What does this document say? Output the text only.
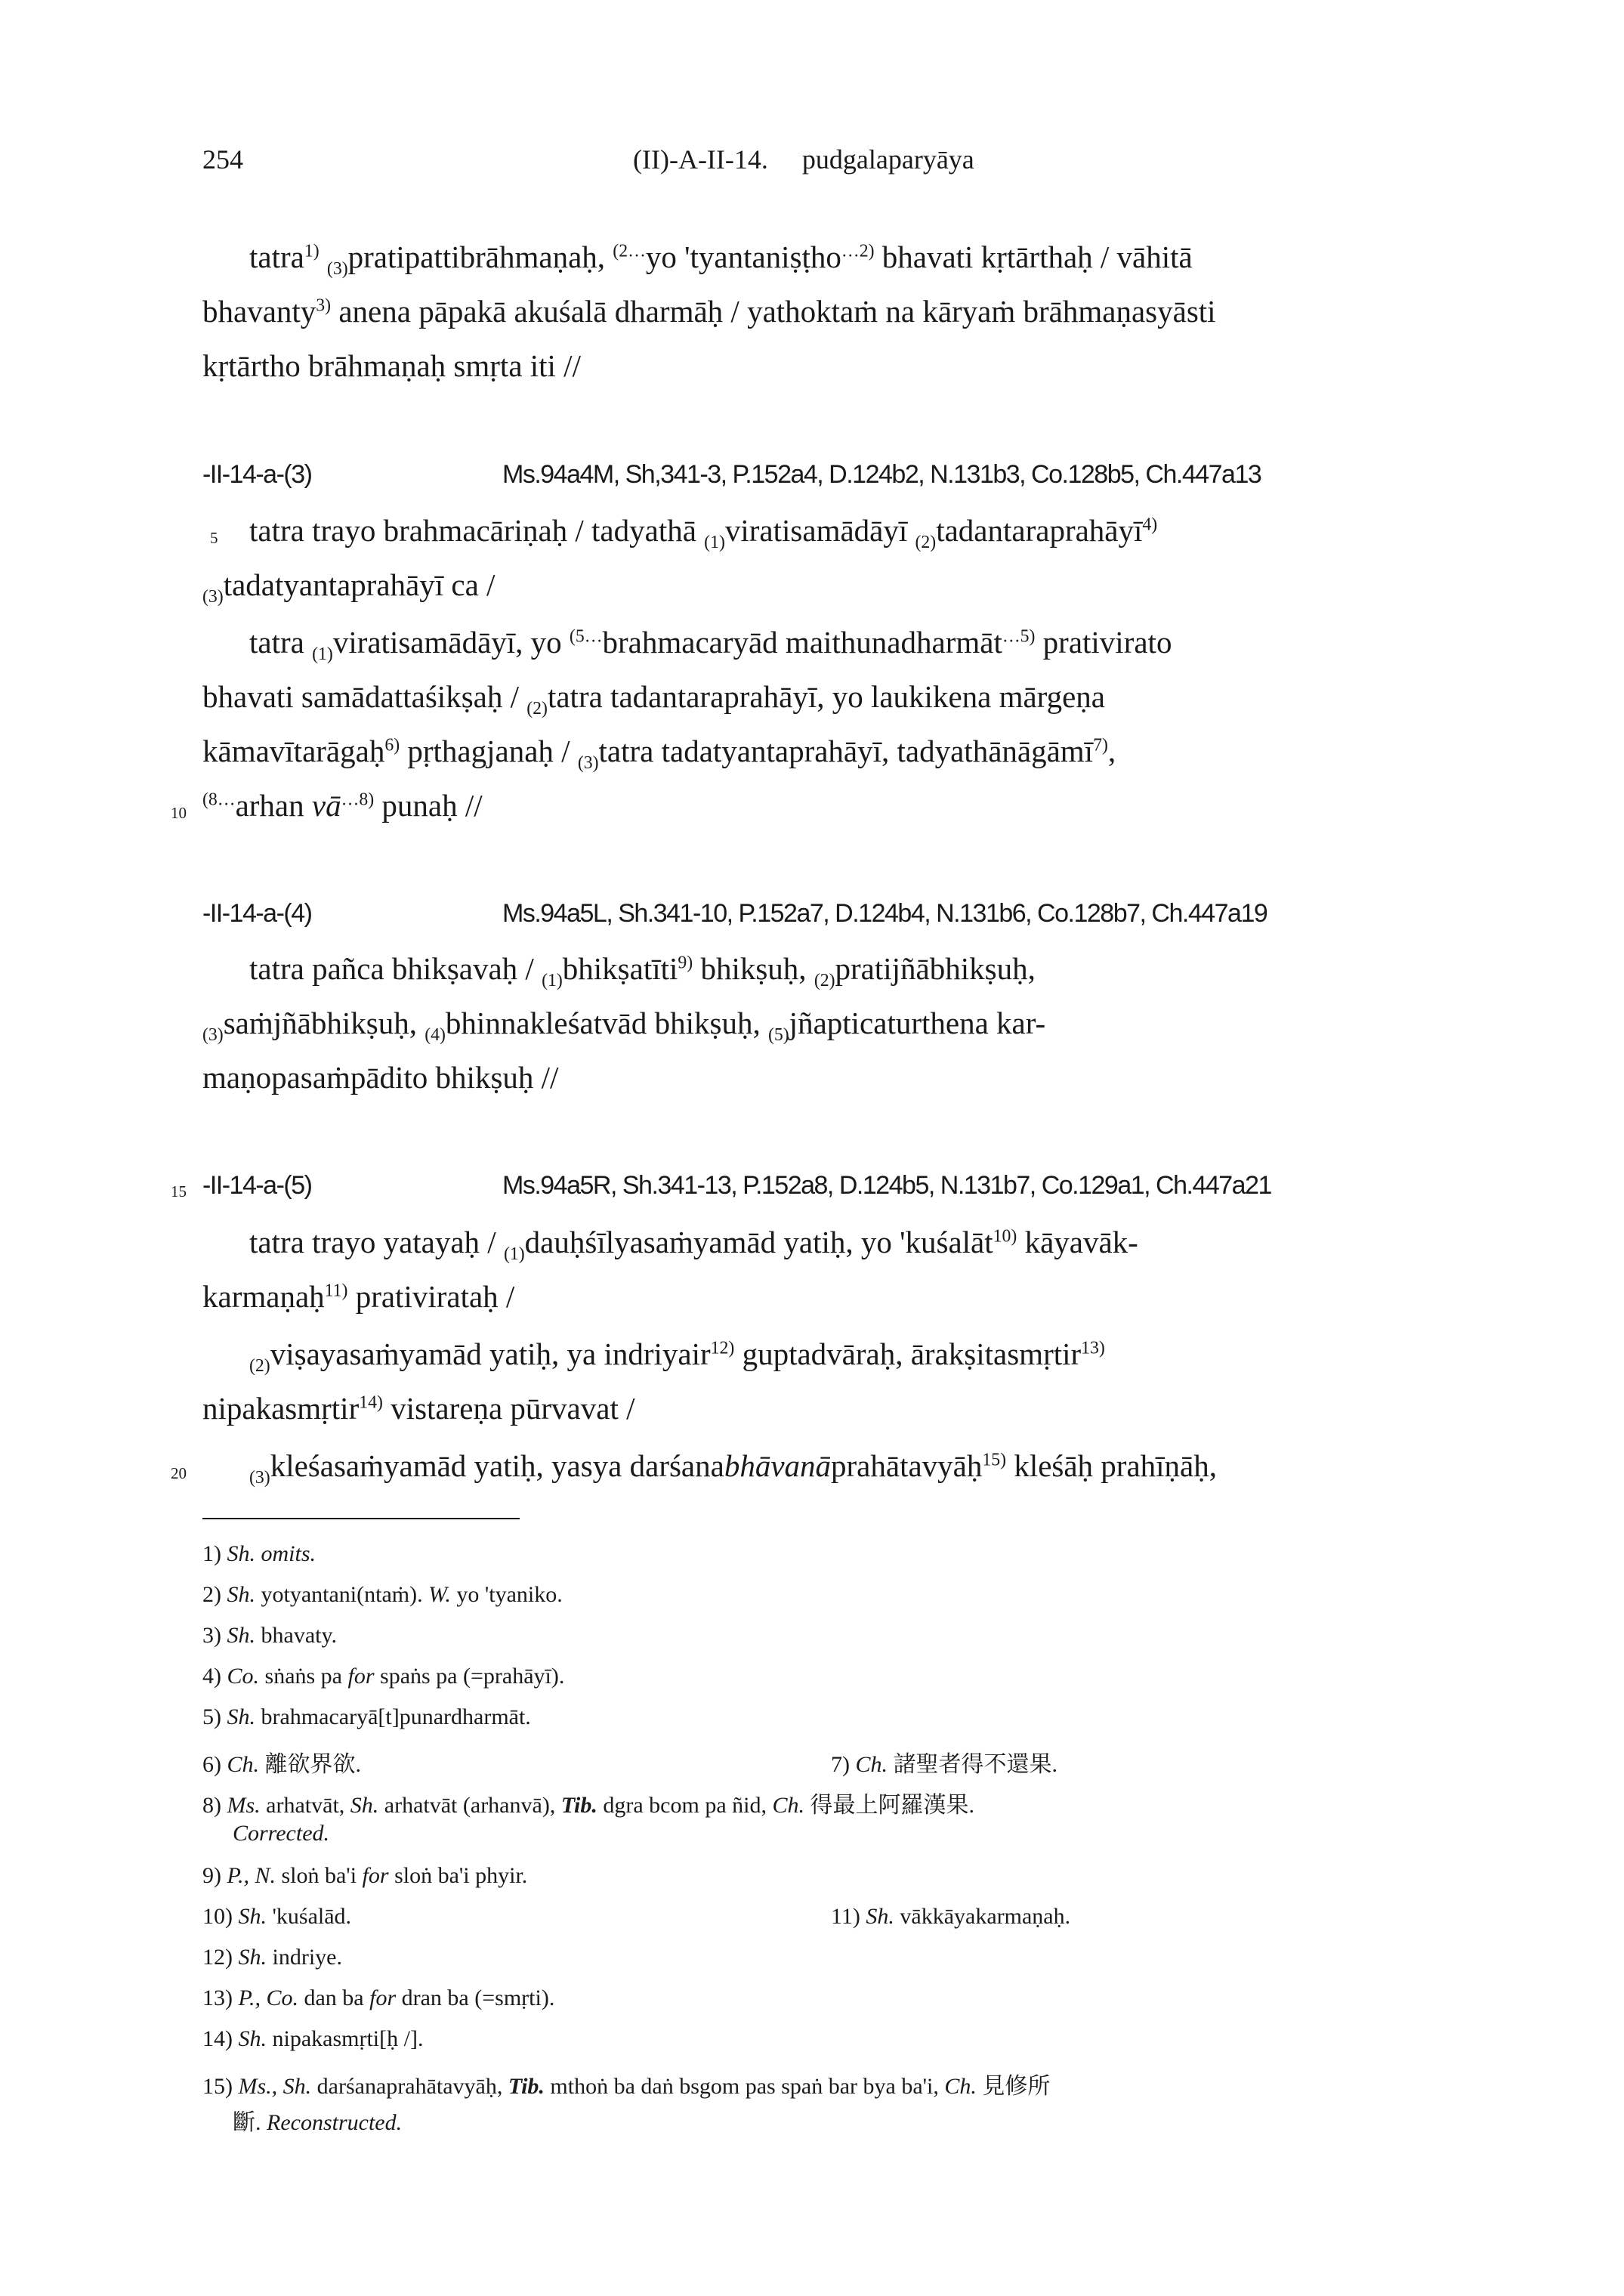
254	(II)-A-II-14.     pudgalaparyāya
tatra$^{1)}$ $_{(3)}$pratipattibrāhmaṇaḥ, $^{(2\dots}$yo 'tyantaniṣṭho$^{\dots 2)}$ bhavati kṛtārthaḥ / vāhitā
bhavanty$^{3)}$ anena pāpakā akuśalā dharmāḥ / yathoktaṁ na kāryaṁ brāhmaṇasyāsti
kṛtārtho brāhmaṇaḥ smṛta iti //
-II-14-a-(3)	Ms.94a4M, Sh,341-3, P.152a4, D.124b2, N.131b3, Co.128b5, Ch.447a13
5 tatra trayo brahmacāriṇaḥ / tadyathā $_{(1)}$viratisamādāyī $_{(2)}$tadantaraprahāyī$^{4)}$
$_{(3)}$tadatyantaprahāyī ca /
tatra $_{(1)}$viratisamādāyī, yo $^{(5\dots}$brahmacaryād maithunadharmāt$^{\dots 5)}$ prativirato
bhavati samādattaśikṣaḥ / $_{(2)}$tatra tadantaraprahāyī, yo laukikena mārgeṇa
kāmavītarāgaḥ$^{6)}$ pṛthagjanaḥ / $_{(3)}$tatra tadatyantaprahāyī, tadyathānāgāmī$^{7)}$,
10
$^{(8\dots}$arhan $vā^{\dots 8)}$ punaḥ //
-II-14-a-(4)	Ms.94a5L, Sh.341-10, P.152a7, D.124b4, N.131b6, Co.128b7, Ch.447a19
tatra pañca bhikṣavaḥ / $_{(1)}$bhikṣatīti$^{9)}$ bhikṣuḥ, $_{(2)}$pratijñābhikṣuḥ,
$_{(3)}$saṁjñābhikṣuḥ, $_{(4)}$bhinnakleśatvād bhikṣuḥ, $_{(5)}$jñapticaturthena kar-
maṇopasaṁpādito bhikṣuḥ //
15 -II-14-a-(5)	Ms.94a5R, Sh.341-13, P.152a8, D.124b5, N.131b7, Co.129a1, Ch.447a21
tatra trayo yatayaḥ / $_{(1)}$dauḥśīlyasaṁyamād yatiḥ, yo 'kuśalāt$^{10)}$ kāyavāk-
karmaṇaḥ$^{11)}$ prativirataḥ /
$_{(2)}$viṣayasaṁyamād yatiḥ, ya indriyair$^{12)}$ guptadvāraḥ, ārakṣitasmṛtir$^{13)}$
nipakasmṛtir$^{14)}$ vistareṇa pūrvavat /
20	$_{(3)}$kleśasaṁyamād yatiḥ, yasya darśanabhāvanāprahātavyāḥ$^{15)}$ kleśāḥ prahīṇāḥ,
1) Sh. omits.
2) Sh. yotyantani(ntaṁ). W. yo 'tyaniko.
3) Sh. bhavaty.
4) Co. sṅaṅs pa for spaṅs pa (=prahāyī).
5) Sh. brahmacaryā[t]punardharmāt.
6) Ch. 離欲界欲.	7) Ch. 諸聖者得不還果.
8) Ms. arhatvāt, Sh. arhatvāt (arhanvā), Tib. dgra bcom pa ñid, Ch. 得最上阿羅漢果.
Corrected.
9) P., N. sloṅ ba'i for sloṅ ba'i phyir.
10) Sh. 'kuśalād.	11) Sh. vākkāyakarmaṇaḥ.
12) Sh. indriye.
13) P., Co. dan ba for dran ba (=smṛti).
14) Sh. nipakasmṛti[ḥ /].
15) Ms., Sh. darśanaprahātavyāḥ, Tib. mthoṅ ba daṅ bsgom pas spaṅ bar bya ba'i, Ch. 見修所
斷. Reconstructed.
